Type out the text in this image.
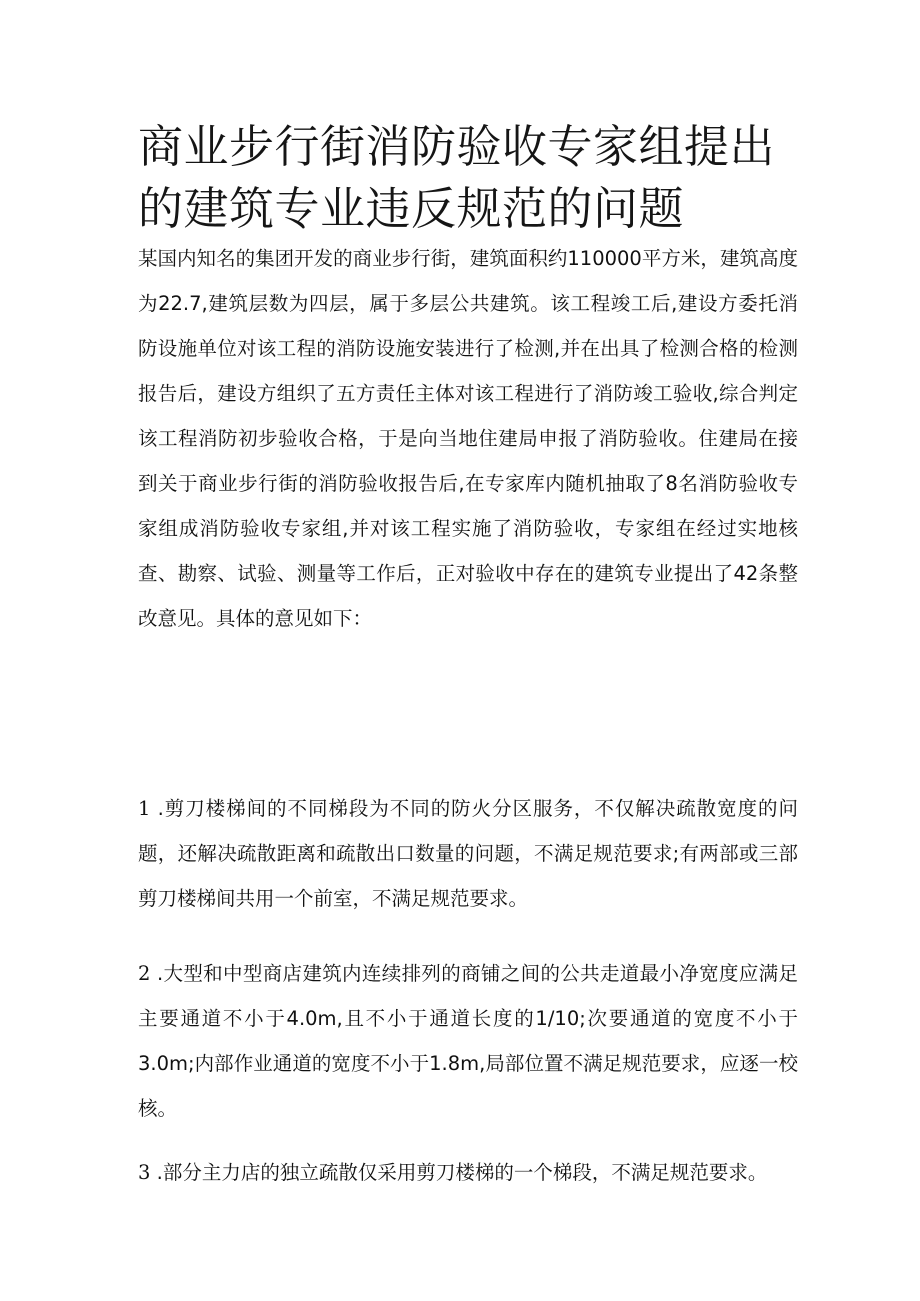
商业步行街消防验收专家组提出的建筑专业违反规范的问题

某国内知名的集团开发的商业步行街，建筑面积约110000平方米，建筑高度为22.7,建筑层数为四层，属于多层公共建筑。该工程竣工后,建设方委托消防设施单位对该工程的消防设施安装进行了检测,并在出具了检测合格的检测报告后，建设方组织了五方责任主体对该工程进行了消防竣工验收,综合判定该工程消防初步验收合格，于是向当地住建局申报了消防验收。住建局在接到关于商业步行街的消防验收报告后,在专家库内随机抽取了8名消防验收专家组成消防验收专家组,并对该工程实施了消防验收，专家组在经过实地核查、勘察、试验、测量等工作后，正对验收中存在的建筑专业提出了42条整改意见。具体的意见如下：

1 .剪刀楼梯间的不同梯段为不同的防火分区服务，不仅解决疏散宽度的问题，还解决疏散距离和疏散出口数量的问题，不满足规范要求;有两部或三部剪刀楼梯间共用一个前室，不满足规范要求。

2 .大型和中型商店建筑内连续排列的商铺之间的公共走道最小净宽度应满足主要通道不小于4.0m,且不小于通道长度的1/10;次要通道的宽度不小于3.0m;内部作业通道的宽度不小于1.8m,局部位置不满足规范要求，应逐一校核。

3 .部分主力店的独立疏散仅采用剪刀楼梯的一个梯段，不满足规范要求。
